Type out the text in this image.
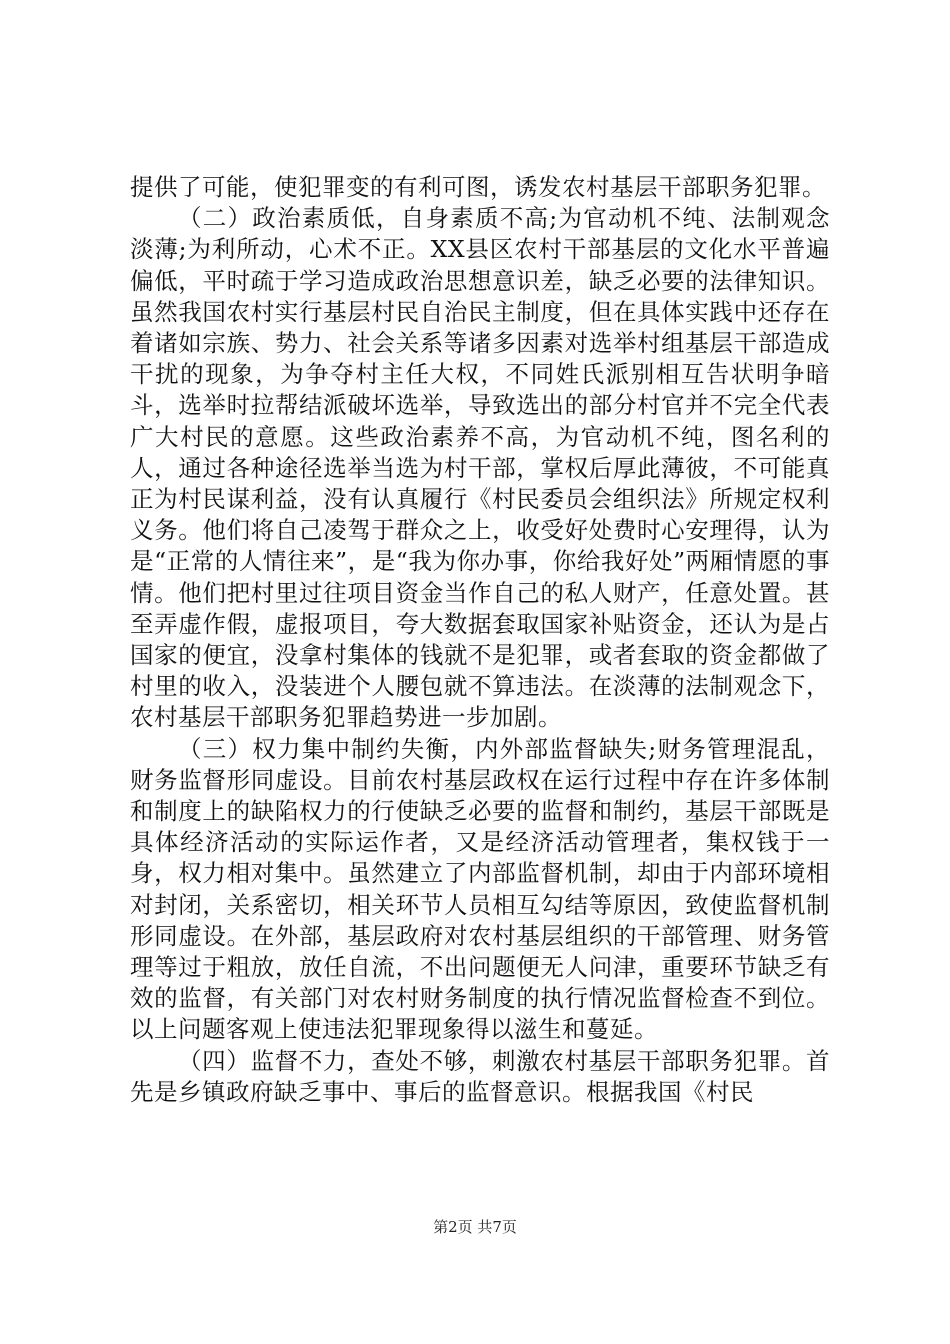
提供了可能，使犯罪变的有利可图，诱发农村基层干部职务犯罪。

（二）政治素质低，自身素质不高;为官动机不纯、法制观念淡薄;为利所动，心术不正。XX县区农村干部基层的文化水平普遍偏低，平时疏于学习造成政治思想意识差，缺乏必要的法律知识。虽然我国农村实行基层村民自治民主制度，但在具体实践中还存在着诸如宗族、势力、社会关系等诸多因素对选举村组基层干部造成干扰的现象，为争夺村主任大权，不同姓氏派别相互告状明争暗斗，选举时拉帮结派破坏选举，导致选出的部分村官并不完全代表广大村民的意愿。这些政治素养不高，为官动机不纯，图名利的人，通过各种途径选举当选为村干部，掌权后厚此薄彼，不可能真正为村民谋利益，没有认真履行《村民委员会组织法》所规定权利义务。他们将自己凌驾于群众之上，收受好处费时心安理得，认为是“正常的人情往来”，是“我为你办事，你给我好处”两厢情愿的事情。他们把村里过往项目资金当作自己的私人财产，任意处置。甚至弄虚作假，虚报项目，夸大数据套取国家补贴资金，还认为是占国家的便宜，没拿村集体的钱就不是犯罪，或者套取的资金都做了村里的收入，没装进个人腰包就不算违法。在淡薄的法制观念下，农村基层干部职务犯罪趋势进一步加剧。

（三）权力集中制约失衡，内外部监督缺失;财务管理混乱，财务监督形同虚设。目前农村基层政权在运行过程中存在许多体制和制度上的缺陷权力的行使缺乏必要的监督和制约，基层干部既是具体经济活动的实际运作者，又是经济活动管理者，集权钱于一身，权力相对集中。虽然建立了内部监督机制，却由于内部环境相对封闭，关系密切，相关环节人员相互勾结等原因，致使监督机制形同虚设。在外部，基层政府对农村基层组织的干部管理、财务管理等过于粗放，放任自流，不出问题便无人问津，重要环节缺乏有效的监督，有关部门对农村财务制度的执行情况监督检查不到位。以上问题客观上使违法犯罪现象得以滋生和蔓延。

（四）监督不力，查处不够，刺激农村基层干部职务犯罪。首先是乡镇政府缺乏事中、事后的监督意识。根据我国《村民

第2页 共7页
